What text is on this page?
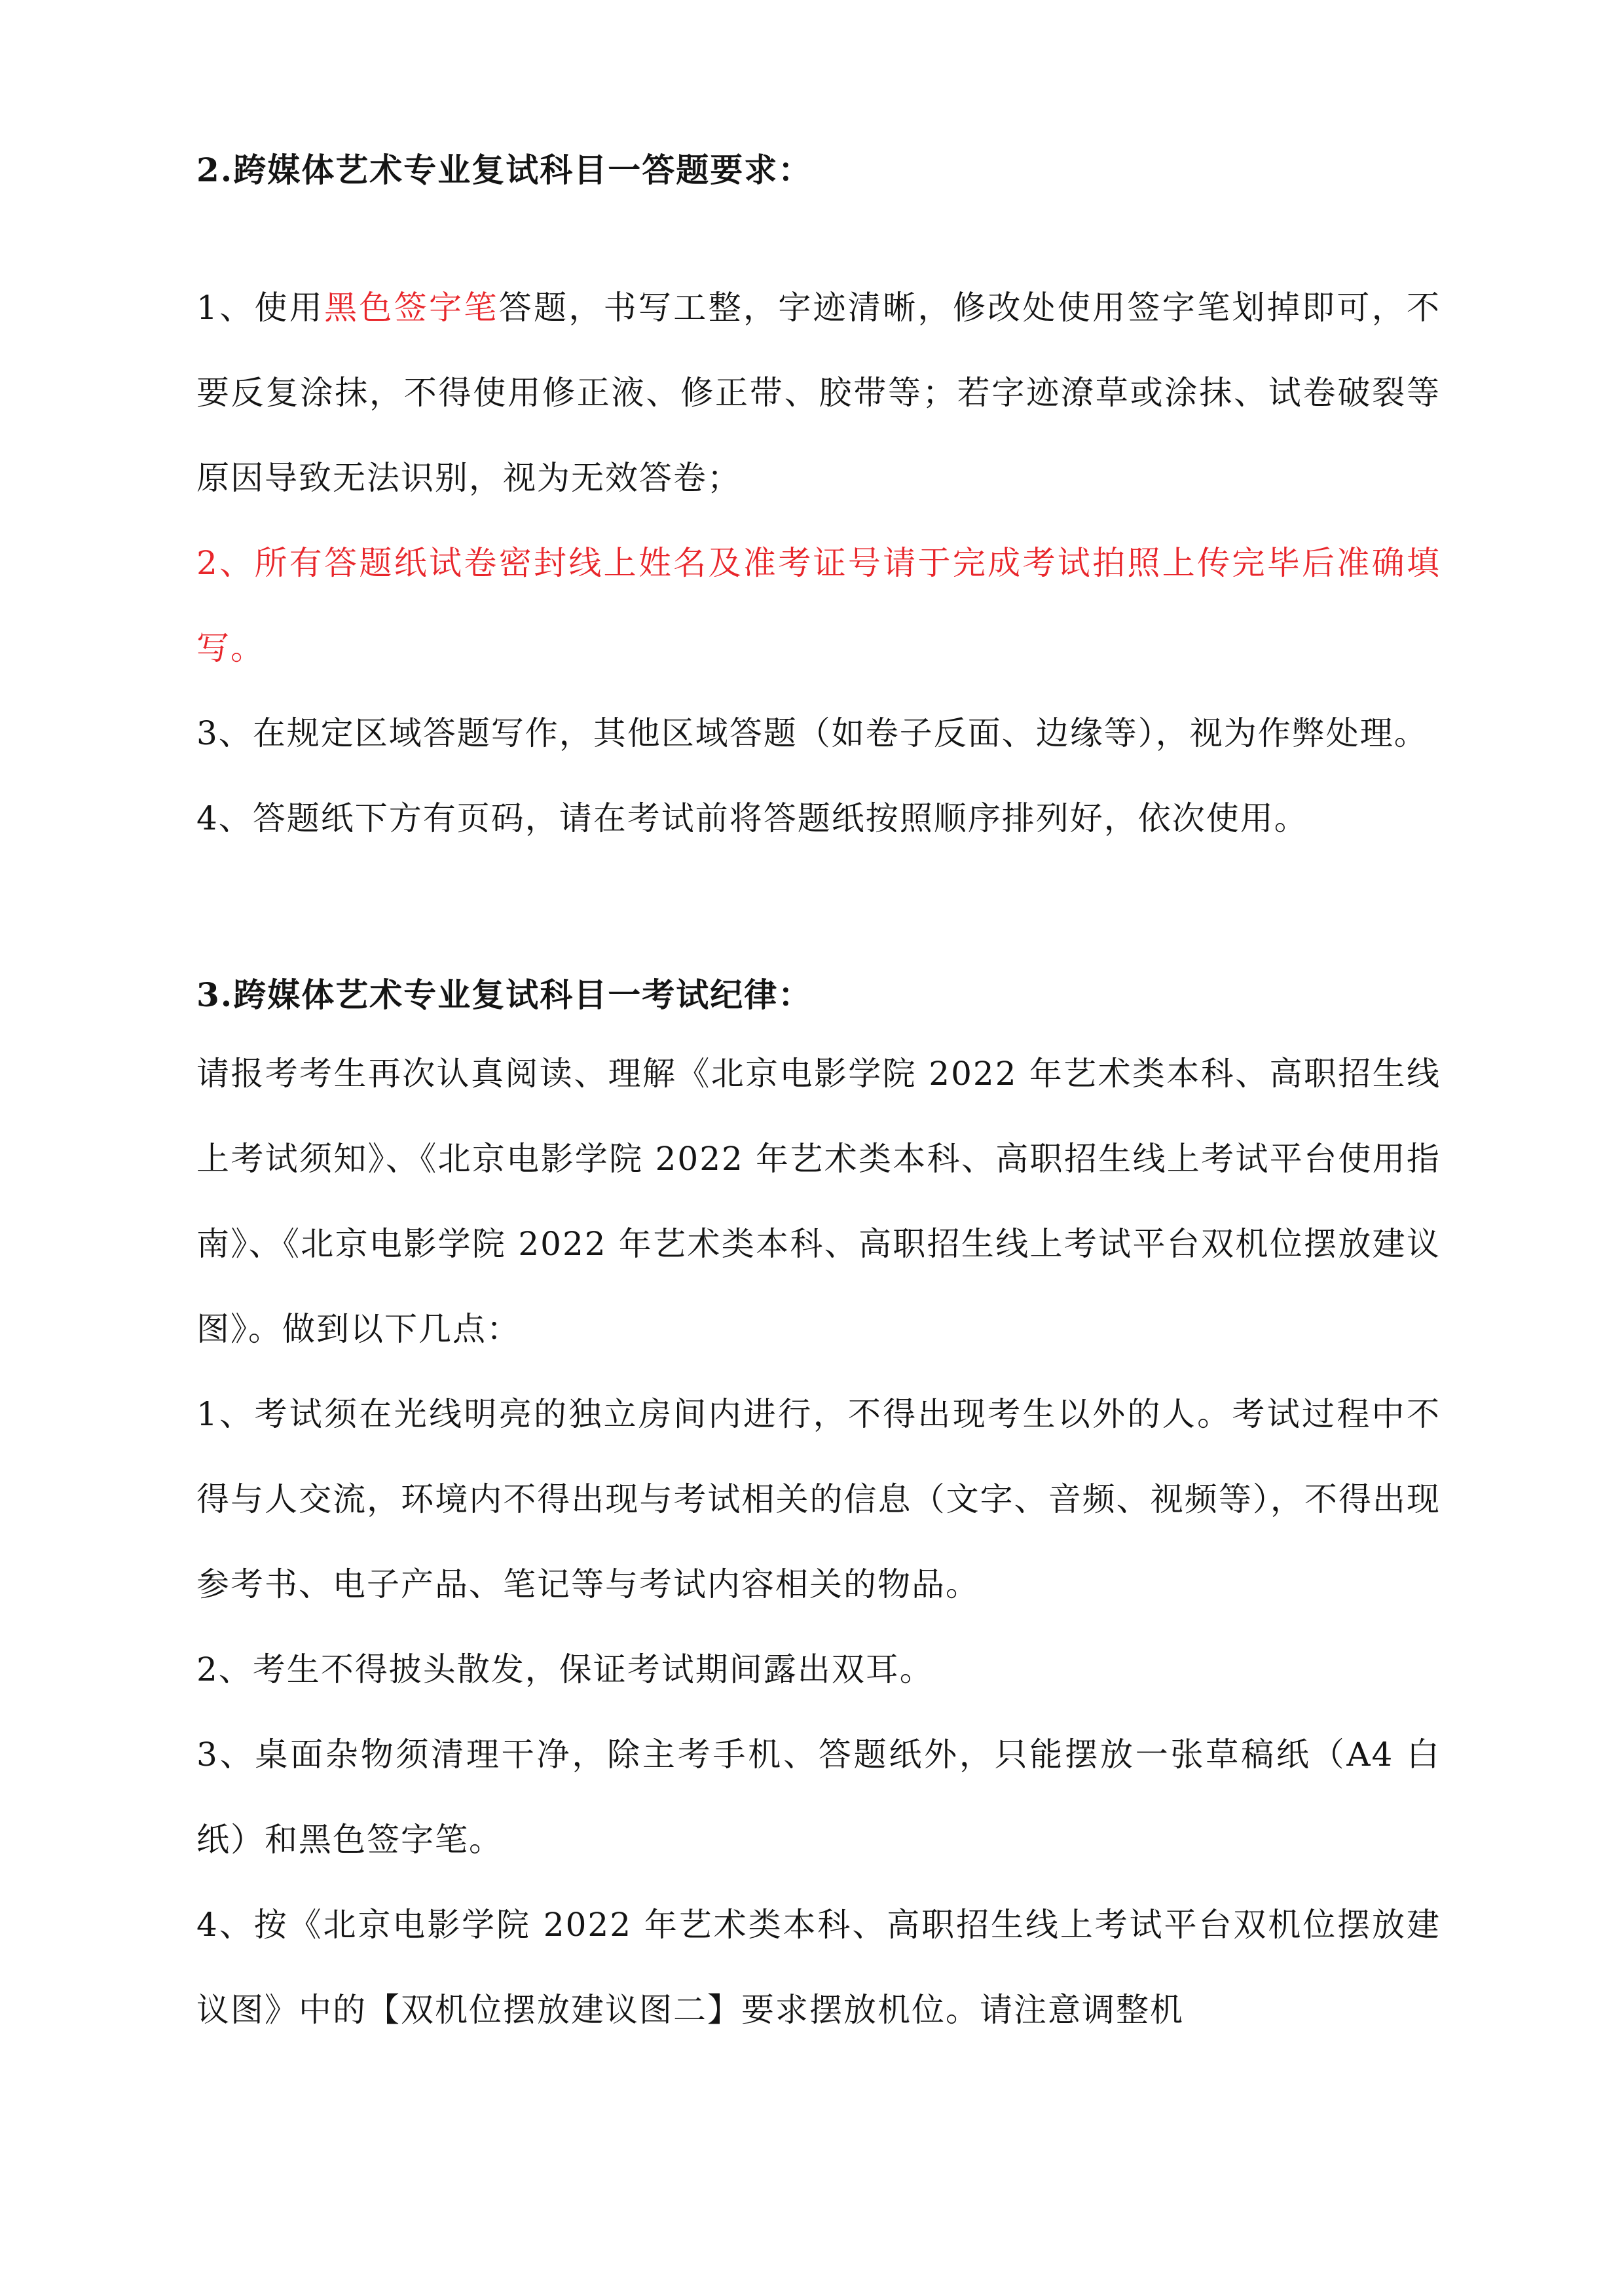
2.跨媒体艺术专业复试科目一答题要求：

1、使用黑色签字笔答题，书写工整，字迹清晰，修改处使用签字笔划掉即可，不要反复涂抹，不得使用修正液、修正带、胶带等；若字迹潦草或涂抹、试卷破裂等原因导致无法识别，视为无效答卷；

2、所有答题纸试卷密封线上姓名及准考证号请于完成考试拍照上传完毕后准确填写。

3、在规定区域答题写作，其他区域答题（如卷子反面、边缘等），视为作弊处理。

4、答题纸下方有页码，请在考试前将答题纸按照顺序排列好，依次使用。

3.跨媒体艺术专业复试科目一考试纪律：

请报考考生再次认真阅读、理解《北京电影学院 2022 年艺术类本科、高职招生线上考试须知》、《北京电影学院 2022 年艺术类本科、高职招生线上考试平台使用指南》、《北京电影学院 2022 年艺术类本科、高职招生线上考试平台双机位摆放建议图》。做到以下几点：

1、考试须在光线明亮的独立房间内进行，不得出现考生以外的人。考试过程中不得与人交流，环境内不得出现与考试相关的信息（文字、音频、视频等），不得出现参考书、电子产品、笔记等与考试内容相关的物品。

2、考生不得披头散发，保证考试期间露出双耳。

3、桌面杂物须清理干净，除主考手机、答题纸外，只能摆放一张草稿纸（A4 白纸）和黑色签字笔。

4、按《北京电影学院 2022 年艺术类本科、高职招生线上考试平台双机位摆放建议图》中的【双机位摆放建议图二】要求摆放机位。请注意调整机
